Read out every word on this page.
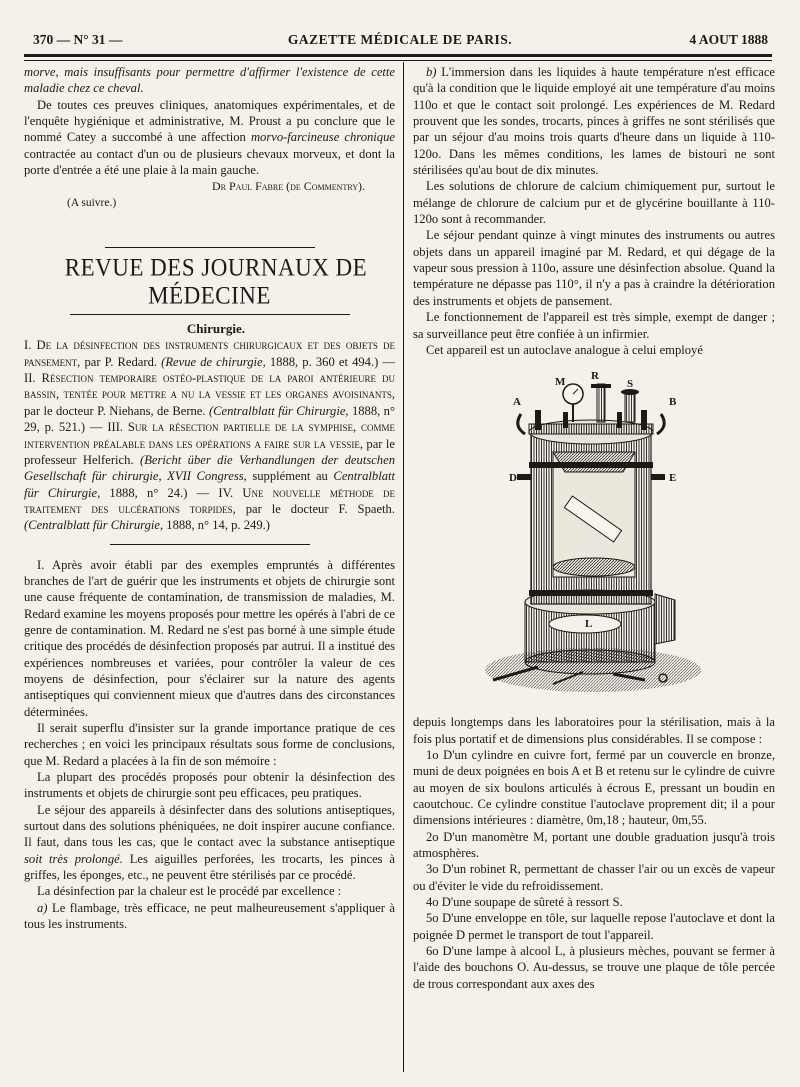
370 — N° 31 —	GAZETTE MÉDICALE DE PARIS.	4 AOUT 1888

morve, mais insuffisants pour permettre d'affirmer l'existence de cette maladie chez ce cheval.

De toutes ces preuves cliniques, anatomiques expérimentales, et de l'enquête hygiénique et administrative, M. Proust a pu conclure que le nommé Catey a succombé à une affection morvo-farcineuse chronique contractée au contact d'un ou de plusieurs chevaux morveux, et dont la porte d'entrée a été une plaie à la main gauche.

Dr Paul Fabre (de Commentry).

(A suivre.)

REVUE DES JOURNAUX DE MÉDECINE

Chirurgie.

I. De la désinfection des instruments chirurgicaux et des objets de pansement, par P. Redard. (Revue de chirurgie, 1888, p. 360 et 494.) — II. Résection temporaire ostéo-plastique de la paroi antérieure du bassin, tentée pour mettre a nu la vessie et les organes avoisinants, par le docteur P. Niehans, de Berne. (Centralblatt für Chirurgie, 1888, n° 29, p. 521.) — III. Sur la résection partielle de la symphise, comme intervention préalable dans les opérations a faire sur la vessie, par le professeur Helferich. (Bericht über die Verhandlungen der deutschen Gesellschaft für chirurgie, XVII Congress, supplément au Centralblatt für Chirurgie, 1888, n° 24.) — IV. Une nouvelle méthode de traitement des ulcérations torpides, par le docteur F. Spaeth. (Centralblatt für Chirurgie, 1888, n° 14, p. 249.)

I. Après avoir établi par des exemples empruntés à différentes branches de l'art de guérir que les instruments et objets de chirurgie sont une cause fréquente de contamination, de transmission de maladies, M. Redard examine les moyens proposés pour mettre les opérés à l'abri de ce genre de contamination. M. Redard ne s'est pas borné à une simple étude critique des procédés de désinfection proposés par autrui. Il a institué des expériences nombreuses et variées, pour contrôler la valeur de ces moyens de désinfection, pour s'éclairer sur la nature des agents antiseptiques qui conviennent mieux que d'autres dans des circonstances déterminées.

Il serait superflu d'insister sur la grande importance pratique de ces recherches ; en voici les principaux résultats sous forme de conclusions, que M. Redard a placées à la fin de son mémoire :

La plupart des procédés proposés pour obtenir la désinfection des instruments et objets de chirurgie sont peu efficaces, peu pratiques.

Le séjour des appareils à désinfecter dans des solutions antiseptiques, surtout dans des solutions phéniquées, ne doit inspirer aucune confiance. Il faut, dans tous les cas, que le contact avec la substance antiseptique soit très prolongé. Les aiguilles perforées, les trocarts, les pinces à griffes, les éponges, etc., ne peuvent être stérilisés par ce procédé.

La désinfection par la chaleur est le procédé par excellence :

a) Le flambage, très efficace, ne peut malheureusement s'appliquer à tous les instruments.

b) L'immersion dans les liquides à haute température n'est efficace qu'à la condition que le liquide employé ait une température d'au moins 110o et que le contact soit prolongé. Les expériences de M. Redard prouvent que les sondes, trocarts, pinces à griffes ne sont stérilisés que par un séjour d'au moins trois quarts d'heure dans un liquide à 110-120o. Dans les mêmes conditions, les lames de bistouri ne sont stérilisées qu'au bout de dix minutes.

Les solutions de chlorure de calcium chimiquement pur, surtout le mélange de chlorure de calcium pur et de glycérine bouillante à 110-120o sont à recommander.

Le séjour pendant quinze à vingt minutes des instruments ou autres objets dans un appareil imaginé par M. Redard, et qui dégage de la vapeur sous pression à 110o, assure une désinfection absolue. Quand la température ne dépasse pas 110°, il n'y a pas à craindre la détérioration des instruments et objets de pansement.

Le fonctionnement de l'appareil est très simple, exempt de danger ; sa surveillance peut être confiée à un infirmier.

Cet appareil est un autoclave analogue à celui employé

A
M R
S
B
D	E
L

depuis longtemps dans les laboratoires pour la stérilisation, mais à la fois plus portatif et de dimensions plus considérables. Il se compose :

1o D'un cylindre en cuivre fort, fermé par un couvercle en bronze, muni de deux poignées en bois A et B et retenu sur le cylindre de cuivre au moyen de six boulons articulés à écrous E, pressant un boudin en caoutchouc. Ce cylindre constitue l'autoclave proprement dit; il a pour dimensions intérieures : diamètre, 0m,18 ; hauteur, 0m,55.

2o D'un manomètre M, portant une double graduation jusqu'à trois atmosphères.

3o D'un robinet R, permettant de chasser l'air ou un excès de vapeur ou d'éviter le vide du refroidissement.

4o D'une soupape de sûreté à ressort S.

5o D'une enveloppe en tôle, sur laquelle repose l'autoclave et dont la poignée D permet le transport de tout l'appareil.

6o D'une lampe à alcool L, à plusieurs mèches, pouvant se fermer à l'aide des bouchons O. Au-dessus, se trouve une plaque de tôle percée de trous correspondant aux axes des
